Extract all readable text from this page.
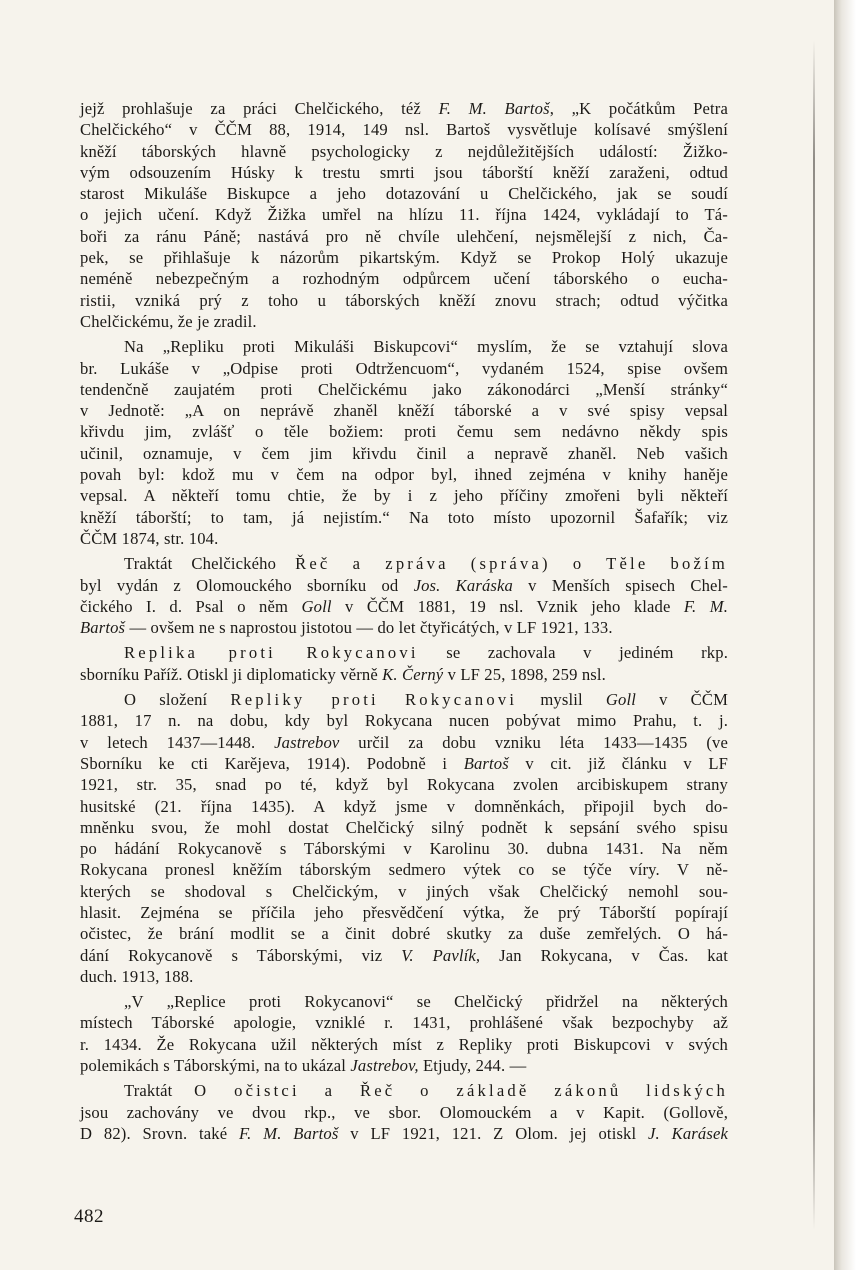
jejž prohlašuje za práci Chelčického, též F. M. Bartoš, „K počátkům Petra
Chelčického“ v ČČM 88, 1914, 149 nsl. Bartoš vysvětluje kolísavé smýšlení
kněží táborských hlavně psychologicky z nejdůležitějších událostí: Žižko-
vým odsouzením Húsky k trestu smrti jsou táborští kněží zaraženi, odtud
starost Mikuláše Biskupce a jeho dotazování u Chelčického, jak se soudí
o jejich učení. Když Žižka umřel na hlízu 11. října 1424, vykládají to Tá-
boři za ránu Páně; nastává pro ně chvíle ulehčení, nejsmělejší z nich, Ča-
pek, se přihlašuje k názorům pikartským. Když se Prokop Holý ukazuje
neméně nebezpečným a rozhodným odpůrcem učení táborského o eucha-
ristii, vzniká prý z toho u táborských kněží znovu strach; odtud výčitka
Chelčickému, že je zradil.
Na „Repliku proti Mikuláši Biskupcovi“ myslím, že se vztahují slova
br. Lukáše v „Odpise proti Odtržencuom“, vydaném 1524, spise ovšem
tendenčně zaujatém proti Chelčickému jako zákonodárci „Menší stránky“
v Jednotě: „A on neprávě zhaněl kněží táborské a v své spisy vepsal
křivdu jim, zvlášť o těle božiem: proti čemu sem nedávno někdy spis
učinil, oznamuje, v čem jim křivdu činil a nepravě zhaněl. Neb vašich
povah byl: kdož mu v čem na odpor byl, ihned zejména v knihy haněje
vepsal. A někteří tomu chtie, že by i z jeho příčiny zmořeni byli někteří
kněží táborští; to tam, já nejistím.“ Na toto místo upozornil Šafařík; viz
ČČM 1874, str. 104.
Traktát Chelčického Řeč a zpráva (správa) o Těle božím
byl vydán z Olomouckého sborníku od Jos. Karáska v Menších spisech Chel-
čického I. d. Psal o něm Goll v ČČM 1881, 19 nsl. Vznik jeho klade F. M.
Bartoš — ovšem ne s naprostou jistotou — do let čtyřicátých, v LF 1921, 133.
Replika proti Rokycanovi se zachovala v jediném rkp.
sborníku Paříž. Otiskl ji diplomaticky věrně K. Černý v LF 25, 1898, 259 nsl.
O složení Repliky proti Rokycanovi myslil Goll v ČČM
1881, 17 n. na dobu, kdy byl Rokycana nucen pobývat mimo Prahu, t. j.
v letech 1437—1448. Jastrebov určil za dobu vzniku léta 1433—1435 (ve
Sborníku ke cti Karějeva, 1914). Podobně i Bartoš v cit. již článku v LF
1921, str. 35, snad po té, když byl Rokycana zvolen arcibiskupem strany
husitské (21. října 1435). A když jsme v domněnkách, připojil bych do-
mněnku svou, že mohl dostat Chelčický silný podnět k sepsání svého spisu
po hádání Rokycanově s Táborskými v Karolinu 30. dubna 1431. Na něm
Rokycana pronesl kněžím táborským sedmero výtek co se týče víry. V ně-
kterých se shodoval s Chelčickým, v jiných však Chelčický nemohl sou-
hlasit. Zejména se příčila jeho přesvědčení výtka, že prý Táborští popírají
očistec, že brání modlit se a činit dobré skutky za duše zemřelých. O há-
dání Rokycanově s Táborskými, viz V. Pavlík, Jan Rokycana, v Čas. kat
duch. 1913, 188.
„V „Replice proti Rokycanovi“ se Chelčický přidržel na některých
místech Táborské apologie, vzniklé r. 1431, prohlášené však bezpochyby až
r. 1434. Že Rokycana užil některých míst z Repliky proti Biskupcovi v svých
polemikách s Táborskými, na to ukázal Jastrebov, Etjudy, 244. —
Traktát O očistci a Řeč o základě zákonů lidských
jsou zachovány ve dvou rkp., ve sbor. Olomouckém a v Kapit. (Gollově,
D 82). Srovn. také F. M. Bartoš v LF 1921, 121. Z Olom. jej otiskl J. Karásek
482
